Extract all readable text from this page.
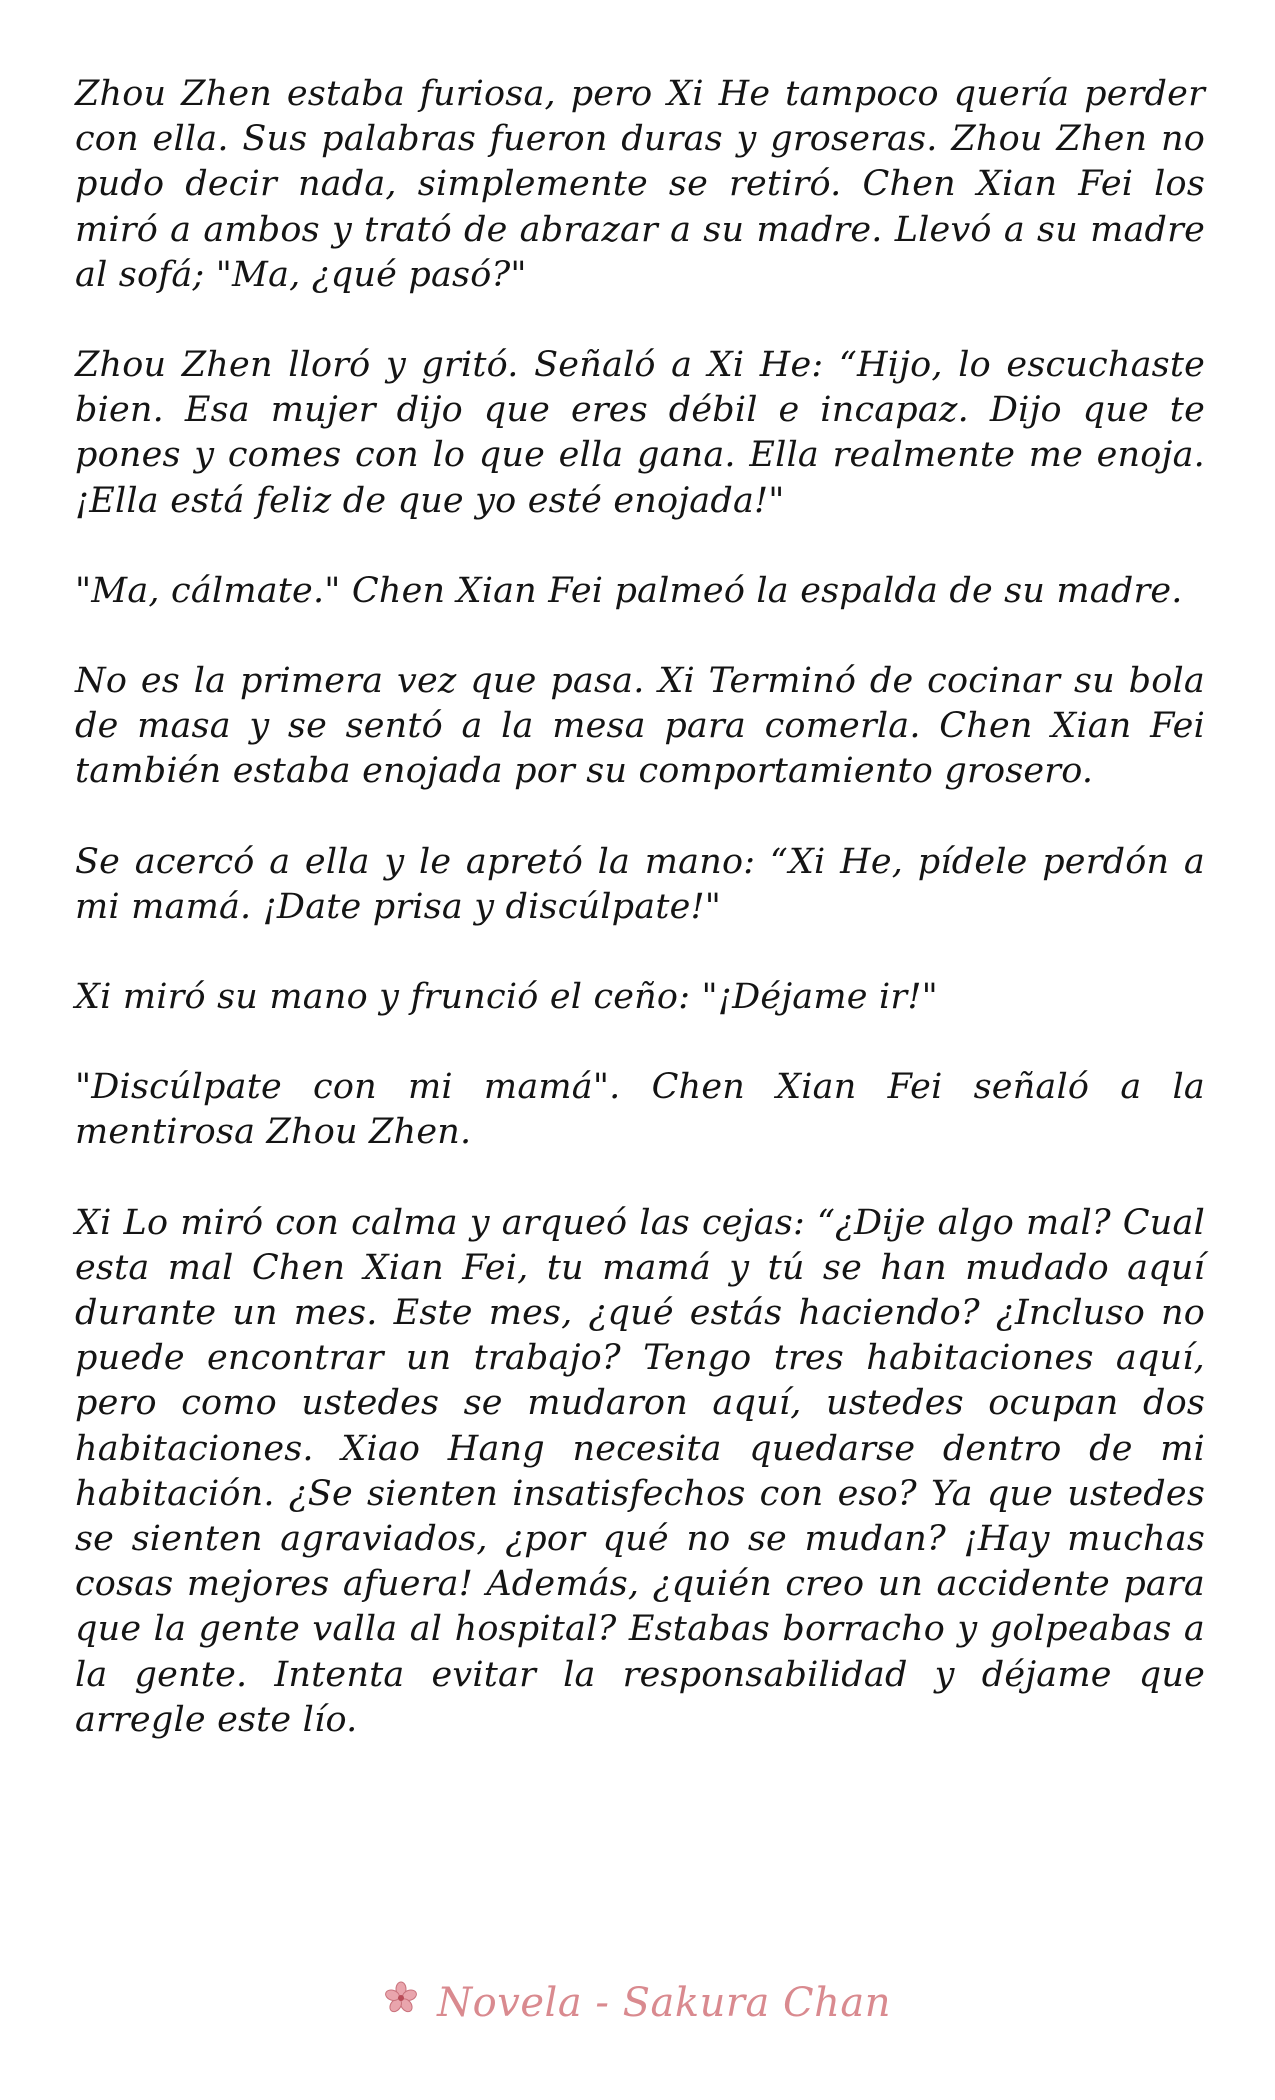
Zhou Zhen estaba furiosa, pero Xi He tampoco quería perder con ella. Sus palabras fueron duras y groseras. Zhou Zhen no pudo decir nada, simplemente se retiró. Chen Xian Fei los miró a ambos y trató de abrazar a su madre. Llevó a su madre al sofá; "Ma, ¿qué pasó?"

Zhou Zhen lloró y gritó. Señaló a Xi He: “Hijo, lo escuchaste bien. Esa mujer dijo que eres débil e incapaz. Dijo que te pones y comes con lo que ella gana. Ella realmente me enoja. ¡Ella está feliz de que yo esté enojada!"

"Ma, cálmate." Chen Xian Fei palmeó la espalda de su madre.

No es la primera vez que pasa. Xi Terminó de cocinar su bola de masa y se sentó a la mesa para comerla. Chen Xian Fei también estaba enojada por su comportamiento grosero.

Se acercó a ella y le apretó la mano: “Xi He, pídele perdón a mi mamá. ¡Date prisa y discúlpate!"

Xi miró su mano y frunció el ceño: "¡Déjame ir!"

"Discúlpate con mi mamá". Chen Xian Fei señaló a la mentirosa Zhou Zhen.

Xi Lo miró con calma y arqueó las cejas: “¿Dije algo mal? Cual esta mal Chen Xian Fei, tu mamá y tú se han mudado aquí durante un mes. Este mes, ¿qué estás haciendo? ¿Incluso no puede encontrar un trabajo? Tengo tres habitaciones aquí, pero como ustedes se mudaron aquí, ustedes ocupan dos habitaciones. Xiao Hang necesita quedarse dentro de mi habitación. ¿Se sienten insatisfechos con eso? Ya que ustedes se sienten agraviados, ¿por qué no se mudan? ¡Hay muchas cosas mejores afuera! Además, ¿quién creo un accidente para que la gente valla al hospital? Estabas borracho y golpeabas a la gente. Intenta evitar la responsabilidad y déjame que arregle este lío.

Novela - Sakura Chan
